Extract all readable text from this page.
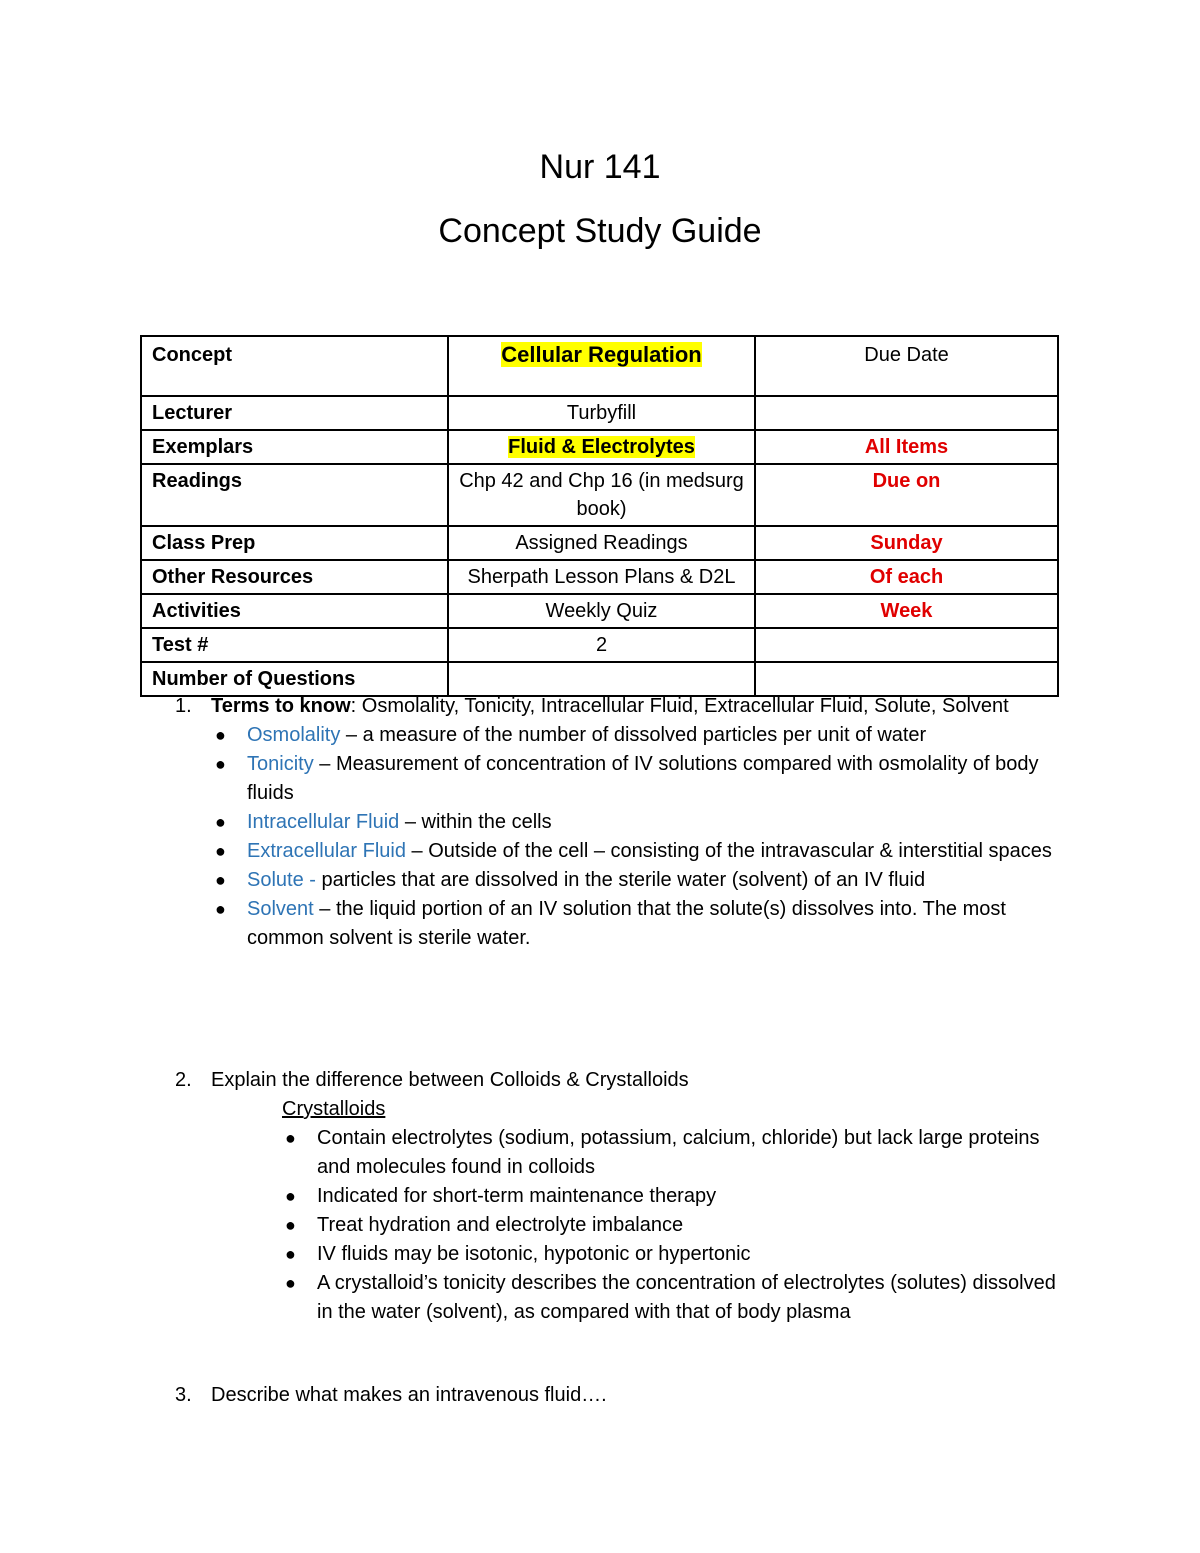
Nur 141
Concept Study Guide
Concept	Cellular Regulation	Due Date
Lecturer	Turbyfill	
Exemplars	Fluid & Electrolytes	All Items
Readings	Chp 42 and Chp 16 (in medsurg book)	Due on
Class Prep	Assigned Readings	Sunday
Other Resources	Sherpath Lesson Plans & D2L	Of each
Activities	Weekly Quiz	Week
Test #	2	
Number of Questions		
1. Terms to know: Osmolality, Tonicity, Intracellular Fluid, Extracellular Fluid, Solute, Solvent
● Osmolality – a measure of the number of dissolved particles per unit of water
● Tonicity – Measurement of concentration of IV solutions compared with osmolality of body fluids
● Intracellular Fluid – within the cells
● Extracellular Fluid – Outside of the cell – consisting of the intravascular & interstitial spaces
● Solute - particles that are dissolved in the sterile water (solvent) of an IV fluid
● Solvent – the liquid portion of an IV solution that the solute(s) dissolves into. The most common solvent is sterile water.
2. Explain the difference between Colloids & Crystalloids
Crystalloids
● Contain electrolytes (sodium, potassium, calcium, chloride) but lack large proteins and molecules found in colloids
● Indicated for short-term maintenance therapy
● Treat hydration and electrolyte imbalance
● IV fluids may be isotonic, hypotonic or hypertonic
● A crystalloid’s tonicity describes the concentration of electrolytes (solutes) dissolved in the water (solvent), as compared with that of body plasma
3. Describe what makes an intravenous fluid….
